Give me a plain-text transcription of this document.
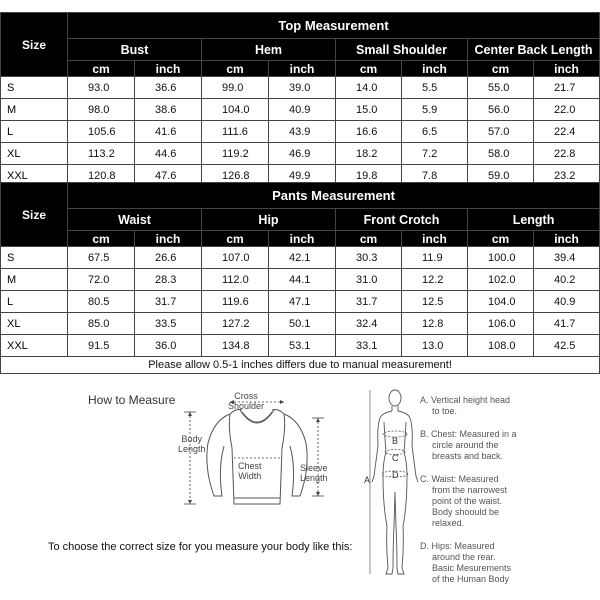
Size	Top Measurement							
	Bust		Hem		Small Shoulder		Center Back Length	
	cm	inch	cm	inch	cm	inch	cm	inch
S	93.0	36.6	99.0	39.0	14.0	5.5	55.0	21.7
M	98.0	38.6	104.0	40.9	15.0	5.9	56.0	22.0
L	105.6	41.6	111.6	43.9	16.6	6.5	57.0	22.4
XL	113.2	44.6	119.2	46.9	18.2	7.2	58.0	22.8
XXL	120.8	47.6	126.8	49.9	19.8	7.8	59.0	23.2
Size	Pants Measurement							
	Waist		Hip		Front Crotch		Length	
	cm	inch	cm	inch	cm	inch	cm	inch
S	67.5	26.6	107.0	42.1	30.3	11.9	100.0	39.4
M	72.0	28.3	112.0	44.1	31.0	12.2	102.0	40.2
L	80.5	31.7	119.6	47.1	31.7	12.5	104.0	40.9
XL	85.0	33.5	127.2	50.1	32.4	12.8	106.0	41.7
XXL	91.5	36.0	134.8	53.1	33.1	13.0	108.0	42.5
Please allow 0.5-1 inches differs due to manual measurement!								
How to Measure	Cross
Shoulder
Body
Length
Chest
Width
Sleeve
Length
To choose the correct size for you measure your body like this:
B
C
D
A
A. Vertical height head
to toe.
B. Chest: Measured in a
circle around the
breasts and back.
C. Waist: Measured
from the narrowest
point of the waist.
Body shoould be
relaxed.
D. Hips: Measured
around the rear.
Basic Mesurements
of the Human Body
